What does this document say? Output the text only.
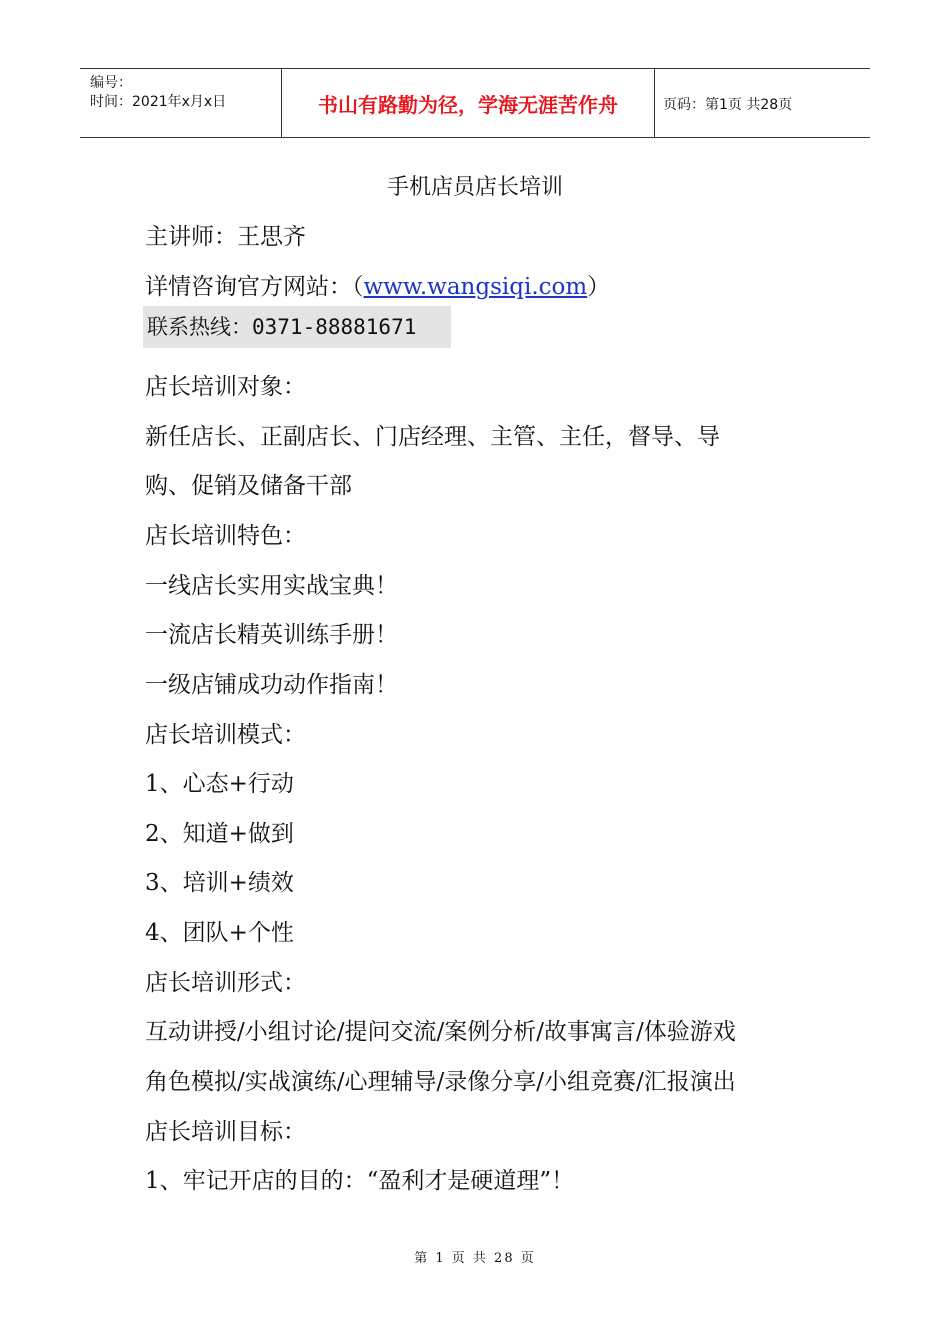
编号：
时间：2021年x月x日	书山有路勤为径，学海无涯苦作舟	页码：第1页 共28页
手机店员店长培训
主讲师：王思齐
详情咨询官方网站：（www.wangsiqi.com）
联系热线：0371-88881671
店长培训对象：
新任店长、正副店长、门店经理、主管、主任，督导、导
购、促销及储备干部
店长培训特色：
一线店长实用实战宝典！
一流店长精英训练手册！
一级店铺成功动作指南！
店长培训模式：
1、心态+行动
2、知道+做到
3、培训+绩效
4、团队+个性
店长培训形式：
互动讲授/小组讨论/提问交流/案例分析/故事寓言/体验游戏
角色模拟/实战演练/心理辅导/录像分享/小组竞赛/汇报演出
店长培训目标：
1、牢记开店的目的：“盈利才是硬道理”！
第 1 页 共 28 页
